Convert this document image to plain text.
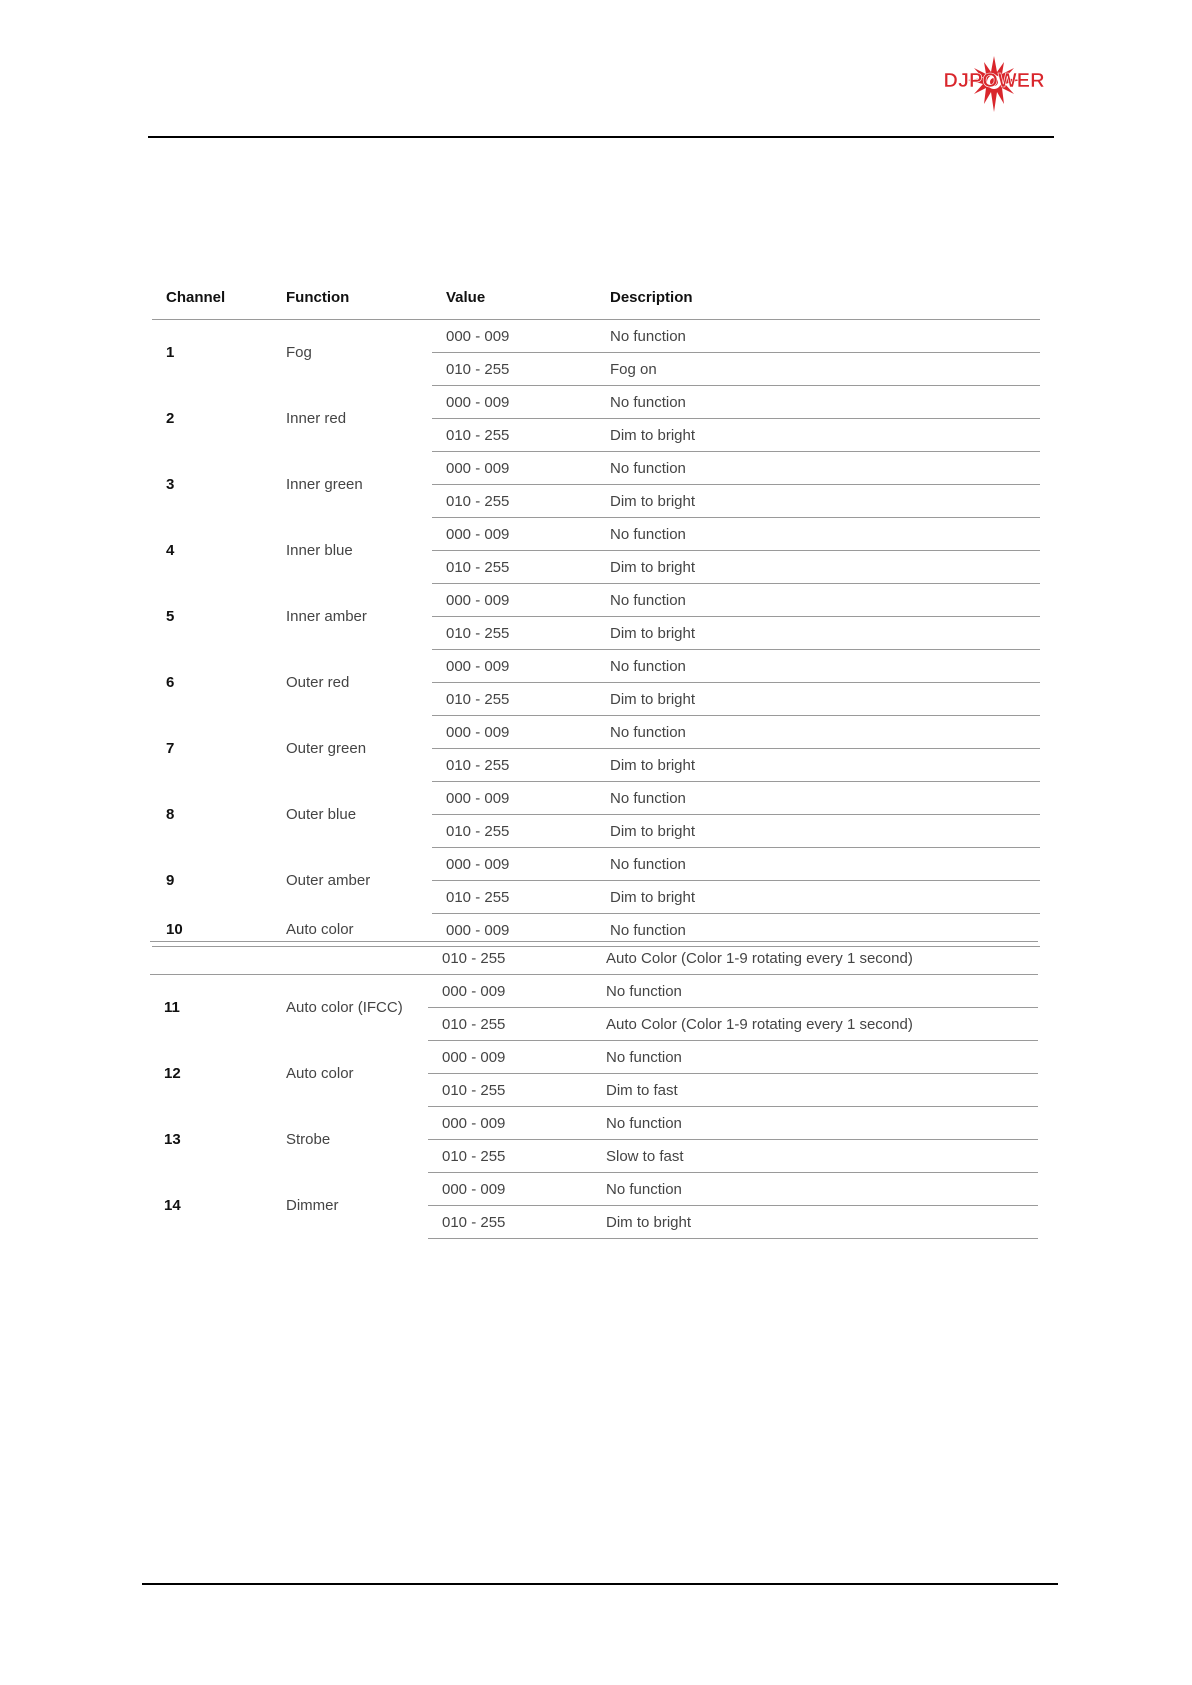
DJPOWER
Channel	Function	Value	Description
1	Fog	000 - 009	No function
		010 - 255	Fog on
2	Inner red	000 - 009	No function
		010 - 255	Dim to bright
3	Inner green	000 - 009	No function
		010 - 255	Dim to bright
4	Inner blue	000 - 009	No function
		010 - 255	Dim to bright
5	Inner amber	000 - 009	No function
		010 - 255	Dim to bright
6	Outer red	000 - 009	No function
		010 - 255	Dim to bright
7	Outer green	000 - 009	No function
		010 - 255	Dim to bright
8	Outer blue	000 - 009	No function
		010 - 255	Dim to bright
9	Outer amber	000 - 009	No function
		010 - 255	Dim to bright
10	Auto color	000 - 009	No function
		010 - 255	Auto Color (Color 1-9 rotating every 1 second)
11	Auto color (IFCC)	000 - 009	No function
		010 - 255	Auto Color (Color 1-9 rotating every 1 second)
12	Auto color	000 - 009	No function
		010 - 255	Dim to fast
13	Strobe	000 - 009	No function
		010 - 255	Slow to fast
14	Dimmer	000 - 009	No function
		010 - 255	Dim to bright
